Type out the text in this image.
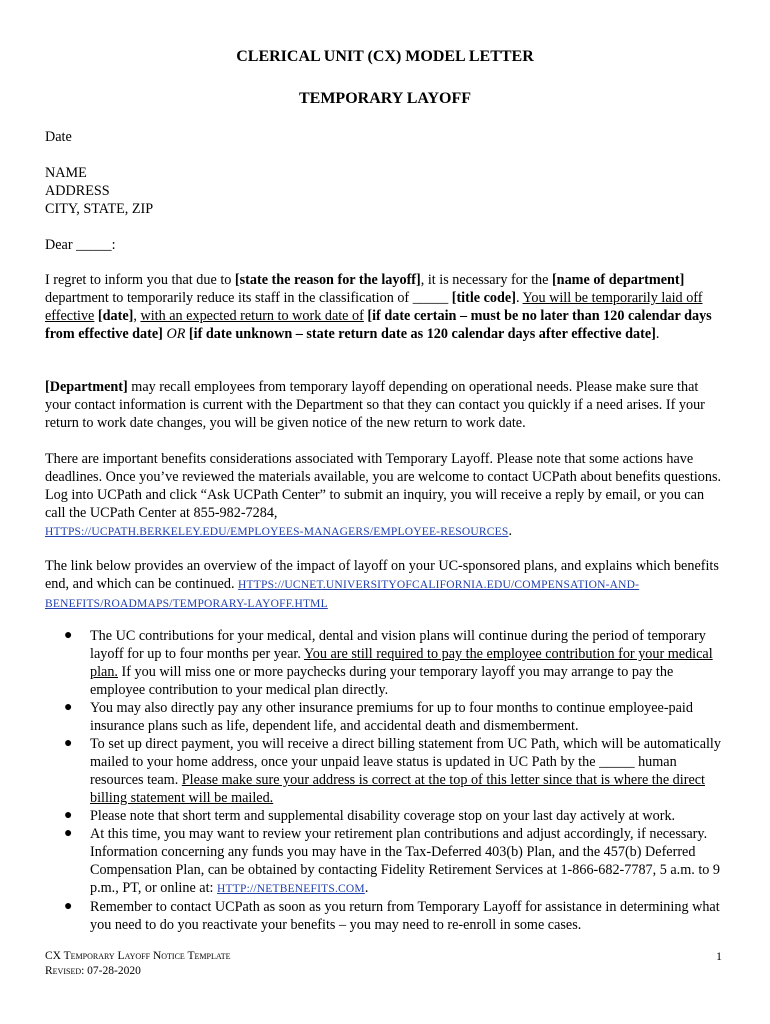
CLERICAL UNIT (CX) MODEL LETTER
TEMPORARY LAYOFF
Date
NAME
ADDRESS
CITY, STATE, ZIP
Dear _____:

I regret to inform you that due to [state the reason for the layoff], it is necessary for the [name of department] department to temporarily reduce its staff in the classification of _____ [title code]. You will be temporarily laid off effective [date], with an expected return to work date of [if date certain – must be no later than 120 calendar days from effective date] OR [if date unknown – state return date as 120 calendar days after effective date].

[Department] may recall employees from temporary layoff depending on operational needs. Please make sure that your contact information is current with the Department so that they can contact you quickly if a need arises. If your return to work date changes, you will be given notice of the new return to work date.

There are important benefits considerations associated with Temporary Layoff. Please note that some actions have deadlines. Once you’ve reviewed the materials available, you are welcome to contact UCPath about benefits questions. Log into UCPath and click “Ask UCPath Center” to submit an inquiry, you will receive a reply by email, or you can call the UCPath Center at 855-982-7284,
HTTPS://UCPATH.BERKELEY.EDU/EMPLOYEES-MANAGERS/EMPLOYEE-RESOURCES.

The link below provides an overview of the impact of layoff on your UC-sponsored plans, and explains which benefits end, and which can be continued. HTTPS://UCNET.UNIVERSITYOFCALIFORNIA.EDU/COMPENSATION-AND-BENEFITS/ROADMAPS/TEMPORARY-LAYOFF.HTML

● The UC contributions for your medical, dental and vision plans will continue during the period of temporary layoff for up to four months per year. You are still required to pay the employee contribution for your medical plan. If you will miss one or more paychecks during your temporary layoff you may arrange to pay the employee contribution to your medical plan directly.
● You may also directly pay any other insurance premiums for up to four months to continue employee-paid insurance plans such as life, dependent life, and accidental death and dismemberment.
● To set up direct payment, you will receive a direct billing statement from UC Path, which will be automatically mailed to your home address, once your unpaid leave status is updated in UC Path by the _____ human resources team. Please make sure your address is correct at the top of this letter since that is where the direct billing statement will be mailed.
● Please note that short term and supplemental disability coverage stop on your last day actively at work.
● At this time, you may want to review your retirement plan contributions and adjust accordingly, if necessary. Information concerning any funds you may have in the Tax-Deferred 403(b) Plan, and the 457(b) Deferred Compensation Plan, can be obtained by contacting Fidelity Retirement Services at 1-866-682-7787, 5 a.m. to 9 p.m., PT, or online at: HTTP://NETBENEFITS.COM.
● Remember to contact UCPath as soon as you return from Temporary Layoff for assistance in determining what you need to do you reactivate your benefits – you may need to re-enroll in some cases.
CX Temporary Layoff Notice Template
Revised: 07-28-2020
1
